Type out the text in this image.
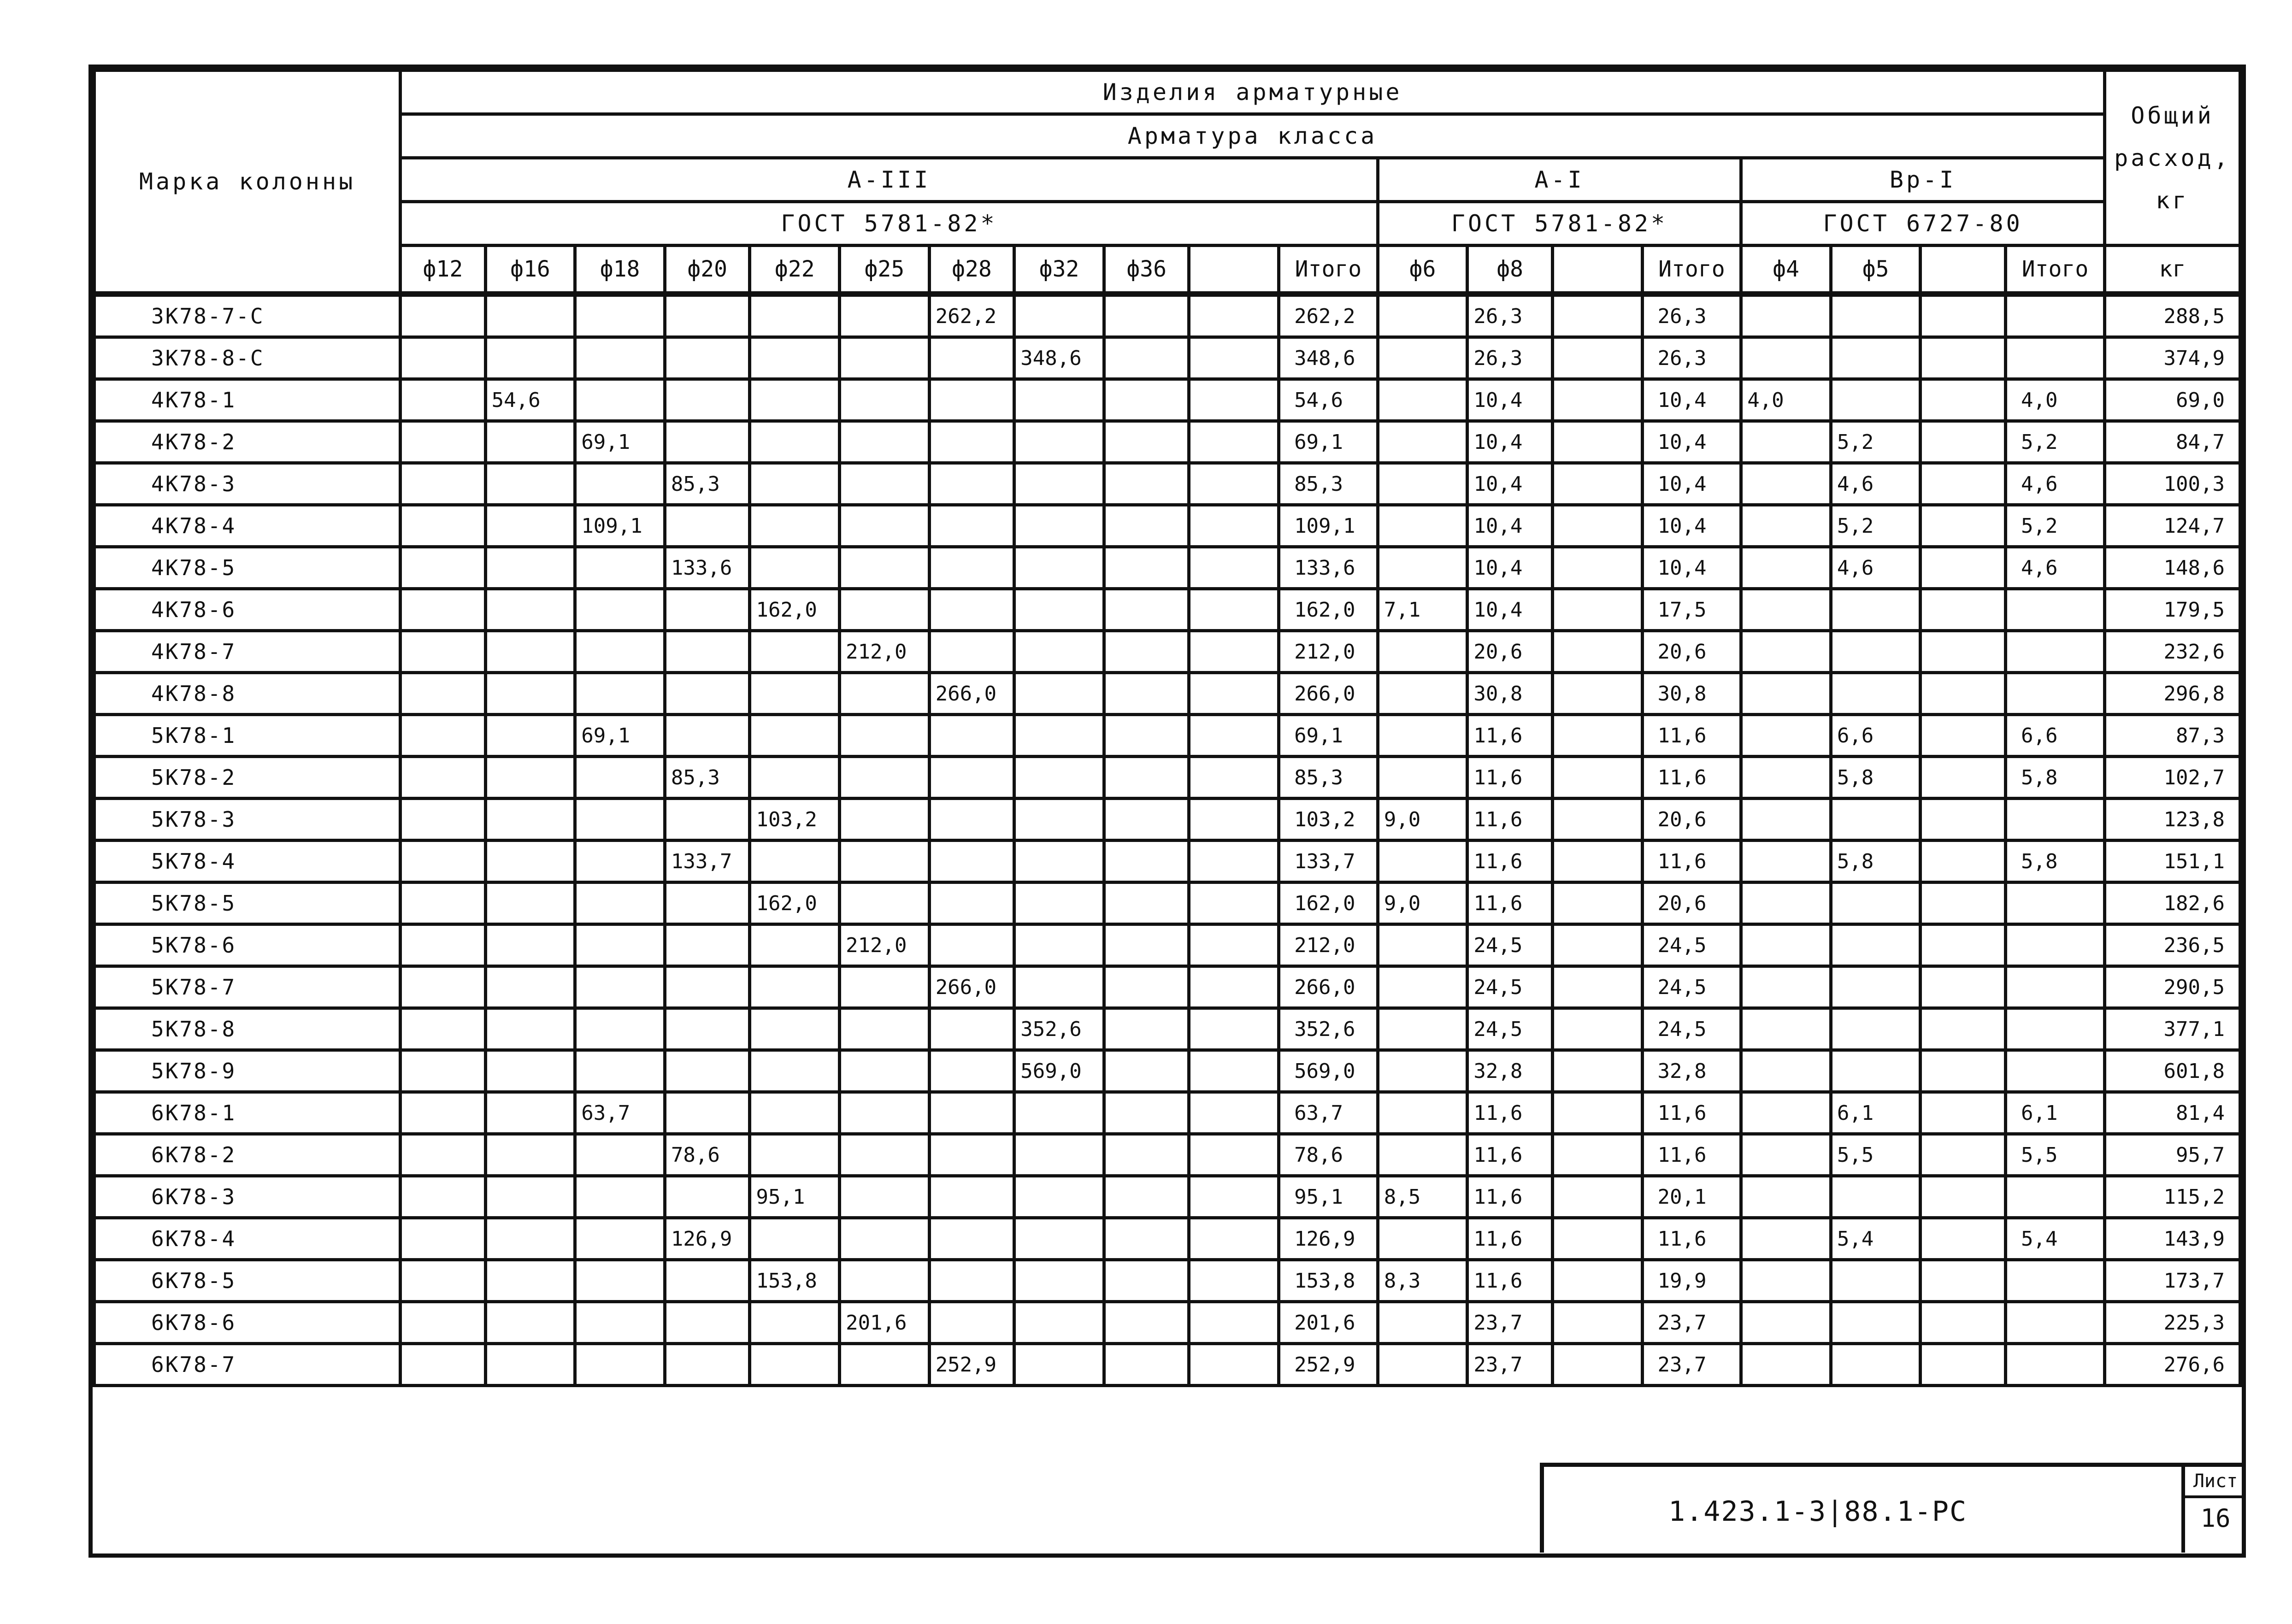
Марка колонны	Изделия арматурные																			Общий расход, кг
	Арматура класса																			
	А-III											А-I				Вр-I				
	ГОСТ 5781-82*											ГОСТ 5781-82*				ГОСТ 6727-80				
	ф12	ф16	ф18	ф20	ф22	ф25	ф28	ф32	ф36		Итого	ф6	ф8		Итого	ф4	ф5		Итого	кг
3К78-7-С							262,2				262,2		26,3		26,3					288,5
3К78-8-С								348,6			348,6		26,3		26,3					374,9
4К78-1		54,6									54,6		10,4		10,4	4,0			4,0	69,0
4К78-2			69,1								69,1		10,4		10,4		5,2		5,2	84,7
4К78-3				85,3							85,3		10,4		10,4		4,6		4,6	100,3
4К78-4			109,1								109,1		10,4		10,4		5,2		5,2	124,7
4К78-5				133,6							133,6		10,4		10,4		4,6		4,6	148,6
4К78-6					162,0						162,0	7,1	10,4		17,5					179,5
4К78-7						212,0					212,0		20,6		20,6					232,6
4К78-8							266,0				266,0		30,8		30,8					296,8
5К78-1			69,1								69,1		11,6		11,6		6,6		6,6	87,3
5К78-2				85,3							85,3		11,6		11,6		5,8		5,8	102,7
5К78-3					103,2						103,2	9,0	11,6		20,6					123,8
5К78-4				133,7							133,7		11,6		11,6		5,8		5,8	151,1
5К78-5					162,0						162,0	9,0	11,6		20,6					182,6
5К78-6						212,0					212,0		24,5		24,5					236,5
5К78-7							266,0				266,0		24,5		24,5					290,5
5К78-8								352,6			352,6		24,5		24,5					377,1
5К78-9								569,0			569,0		32,8		32,8					601,8
6К78-1			63,7								63,7		11,6		11,6		6,1		6,1	81,4
6К78-2				78,6							78,6		11,6		11,6		5,5		5,5	95,7
6К78-3					95,1						95,1	8,5	11,6		20,1					115,2
6К78-4				126,9							126,9		11,6		11,6		5,4		5,4	143,9
6К78-5					153,8						153,8	8,3	11,6		19,9					173,7
6К78-6						201,6					201,6		23,7		23,7					225,3
6К78-7							252,9				252,9		23,7		23,7					276,6
1.423.1-3|88.1-РС
Лист
16
